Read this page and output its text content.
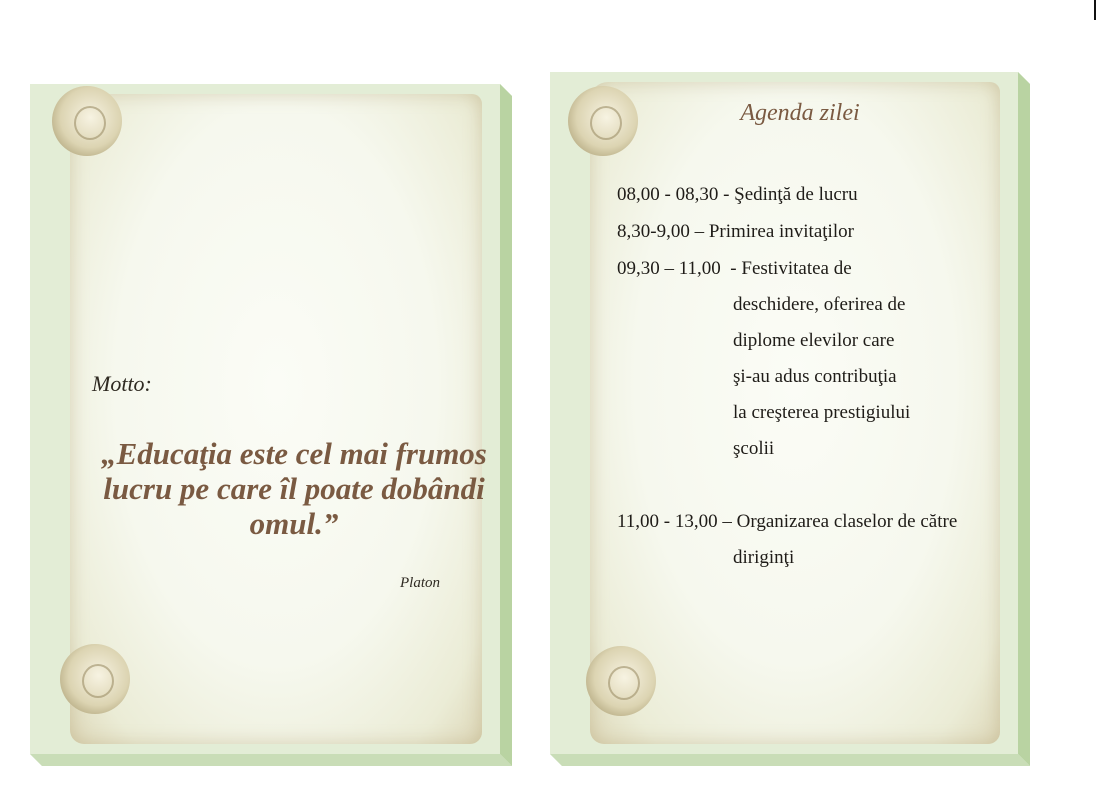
Motto:

„Educaţia este cel mai frumos
lucru pe care îl poate dobândi
omul.”

Platon

Agenda zilei

08,00 - 08,30 - Şedinţă de lucru

8,30-9,00 – Primirea invitaţilor

09,30 – 11,00  - Festivitatea de

deschidere, oferirea de

diplome elevilor care

şi-au adus contribuţia

la creşterea prestigiului

şcolii

11,00 - 13,00 – Organizarea claselor de către

diriginţi
